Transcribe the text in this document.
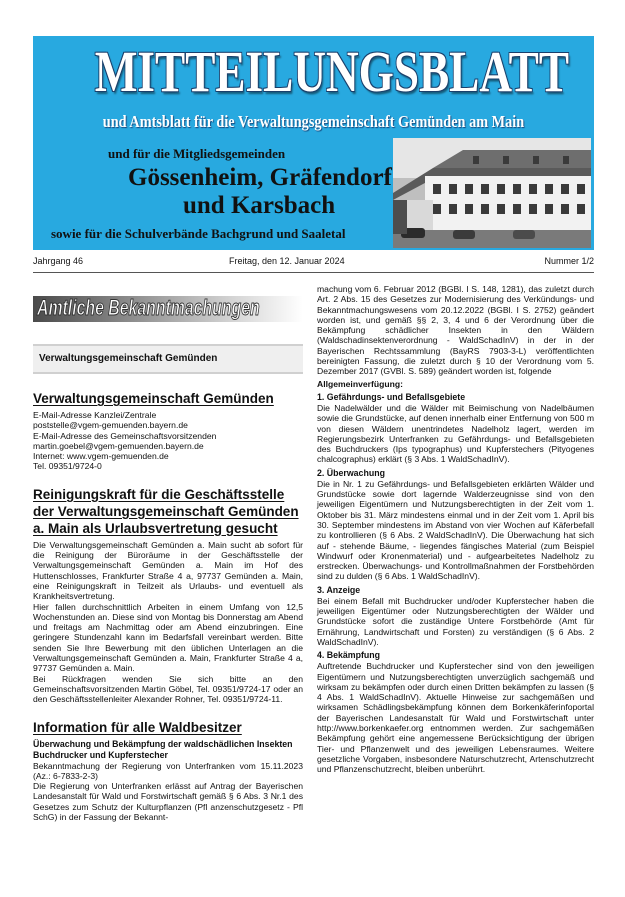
MITTEILUNGSBLATT
und Amtsblatt für die Verwaltungsgemeinschaft Gemünden am Main
und für die Mitgliedsgemeinden
Gössenheim, Gräfendorf
und Karsbach
sowie für die Schulverbände Bachgrund und Saaletal
Jahrgang 46	Freitag, den 12. Januar 2024	Nummer 1/2
Amtliche Bekanntmachungen
Verwaltungsgemeinschaft Gemünden
Verwaltungsgemeinschaft Gemünden

E-Mail-Adresse Kanzlei/Zentrale

poststelle@vgem-gemuenden.bayern.de

E-Mail-Adresse des Gemeinschaftsvorsitzenden

martin.goebel@vgem-gemuenden.bayern.de

Internet: www.vgem-gemuenden.de

Tel. 09351/9724-0

Reinigungskraft für die Geschäftsstelle
der Verwaltungsgemeinschaft Gemünden
a. Main als Urlaubsvertretung gesucht

Die Verwaltungsgemeinschaft Gemünden a. Main sucht ab sofort für die Reinigung der Büroräume in der Geschäftsstelle der Verwaltungsgemeinschaft Gemünden a. Main im Hof des Huttenschlosses, Frankfurter Straße 4 a, 97737 Gemünden a. Main, eine Reinigungskraft in Teilzeit als Urlaubs- und eventuell als Krankheitsvertretung.

Hier fallen durchschnittlich Arbeiten in einem Umfang von 12,5 Wochenstunden an. Diese sind von Montag bis Donnerstag am Abend und freitags am Nachmittag oder am Abend einzubringen. Eine geringere Stundenzahl kann im Bedarfsfall vereinbart werden. Bitte senden Sie Ihre Bewerbung mit den üblichen Unterlagen an die Verwaltungsgemeinschaft Gemünden a. Main, Frankfurter Straße 4 a, 97737 Gemünden a. Main.

Bei Rückfragen wenden Sie sich bitte an den Gemeinschaftsvorsitzenden Martin Göbel, Tel. 09351/9724-17 oder an den Geschäftsstellenleiter Alexander Rohner, Tel. 09351/9724-11.

Information für alle Waldbesitzer

Überwachung und Bekämpfung der waldschädlichen Insekten Buchdrucker und Kupferstecher

Bekanntmachung der Regierung von Unterfranken vom 15.11.2023 (Az.: 6-7833-2-3)

Die Regierung von Unterfranken erlässt auf Antrag der Bayerischen Landesanstalt für Wald und Forstwirtschaft gemäß § 6 Abs. 3 Nr.1 des Gesetzes zum Schutz der Kulturpflanzen (Pfl anzenschutzgesetz - Pfl SchG) in der Fassung der Bekannt-

machung vom 6. Februar 2012 (BGBl. I S. 148, 1281), das zuletzt durch Art. 2 Abs. 15 des Gesetzes zur Modernisierung des Verkündungs- und Bekanntmachungswesens vom 20.12.2022 (BGBl. I S. 2752) geändert worden ist, und gemäß §§ 2, 3, 4 und 6 der Verordnung über die Bekämpfung schädlicher Insekten in den Wäldern (Waldschadinsektenverordnung - WaldSchadInV) in der in der Bayerischen Rechtssammlung (BayRS 7903-3-L) veröffentlichten bereinigten Fassung, die zuletzt durch § 10 der Verordnung vom 5. Dezember 2017 (GVBl. S. 589) geändert worden ist, folgende

Allgemeinverfügung:

1. Gefährdungs- und Befallsgebiete

Die Nadelwälder und die Wälder mit Beimischung von Nadelbäumen sowie die Grundstücke, auf denen innerhalb einer Entfernung von 500 m von diesen Wäldern unentrindetes Nadelholz lagert, werden im Regierungsbezirk Unterfranken zu Gefährdungs- und Befallsgebieten des Buchdruckers (Ips typographus) und Kupferstechers (Pityogenes chalcographus) erklärt (§ 3 Abs. 1 WaldSchadInV).

2. Überwachung

Die in Nr. 1 zu Gefährdungs- und Befallsgebieten erklärten Wälder und Grundstücke sowie dort lagernde Walderzeugnisse sind von den jeweiligen Eigentümern und Nutzungsberechtigten in der Zeit vom 1. Oktober bis 31. März mindestens einmal und in der Zeit vom 1. April bis 30. September mindestens im Abstand von vier Wochen auf Käferbefall zu kontrollieren (§ 6 Abs. 2 WaldSchadInV). Die Überwachung hat sich auf - stehende Bäume, - liegendes fängisches Material (zum Beispiel Windwurf oder Kronenmaterial) und - aufgearbeitetes Nadelholz zu erstrecken. Überwachungs- und Kontrollmaßnahmen der Forstbehörden sind zu dulden (§ 6 Abs. 1 WaldSchadInV).

3. Anzeige

Bei einem Befall mit Buchdrucker und/oder Kupferstecher haben die jeweiligen Eigentümer oder Nutzungsberechtigten der Wälder und Grundstücke sofort die zuständige Untere Forstbehörde (Amt für Ernährung, Landwirtschaft und Forsten) zu verständigen (§ 6 Abs. 2 WaldSchadInV).

4. Bekämpfung

Auftretende Buchdrucker und Kupferstecher sind von den jeweiligen Eigentümern und Nutzungsberechtigten unverzüglich sachgemäß und wirksam zu bekämpfen oder durch einen Dritten bekämpfen zu lassen (§ 4 Abs. 1 WaldSchadInV). Aktuelle Hinweise zur sachgemäßen und wirksamen Schädlingsbekämpfung können dem Borkenkäferinfoportal der Bayerischen Landesanstalt für Wald und Forstwirtschaft unter http://www.borkenkaefer.org entnommen werden. Zur sachgemäßen Bekämpfung gehört eine angemessene Berücksichtigung der übrigen Tier- und Pflanzenwelt und des jeweiligen Lebensraumes. Weitere gesetzliche Vorgaben, insbesondere Naturschutzrecht, Artenschutzrecht und Pflanzenschutzrecht, bleiben unberührt.
